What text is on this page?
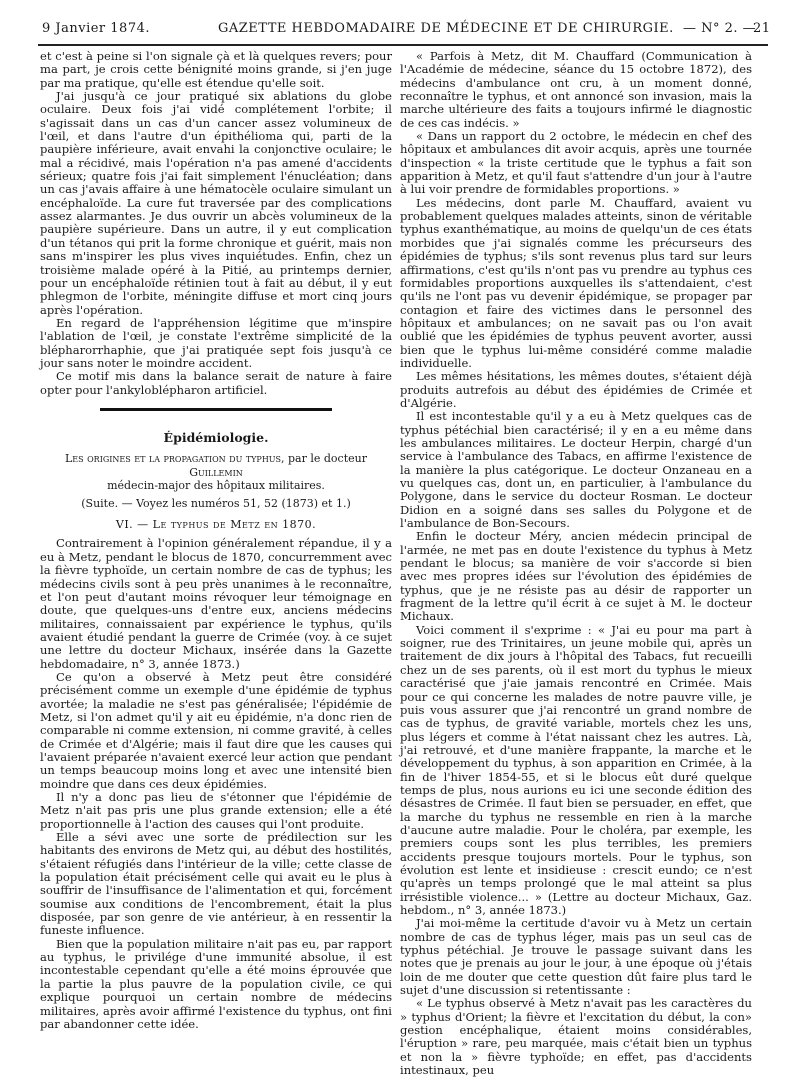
9 Janvier 1874.	GAZETTE HEBDOMADAIRE DE MÉDECINE ET DE CHIRURGIE. — N° 2. —
21

et c'est à peine si l'on signale çà et là quelques revers; pour ma part, je crois cette bénignité moins grande, si j'en juge par ma pratique, qu'elle est étendue qu'elle soit.

J'ai jusqu'à ce jour pratiqué six ablations du globe oculaire. Deux fois j'ai vidé complétement l'orbite; il s'agissait dans un cas d'un cancer assez volumineux de l'œil, et dans l'autre d'un épithélioma qui, parti de la paupière inférieure, avait envahi la conjonctive oculaire; le mal a récidivé, mais l'opération n'a pas amené d'accidents sérieux; quatre fois j'ai fait simplement l'énucléation; dans un cas j'avais affaire à une hématocèle oculaire simulant un encéphaloïde. La cure fut traversée par des complications assez alarmantes. Je dus ouvrir un abcès volumineux de la paupière supérieure. Dans un autre, il y eut complication d'un tétanos qui prit la forme chronique et guérit, mais non sans m'inspirer les plus vives inquiétudes. Enfin, chez un troisième malade opéré à la Pitié, au printemps dernier, pour un encéphaloïde rétinien tout à fait au début, il y eut phlegmon de l'orbite, méningite diffuse et mort cinq jours après l'opération.

En regard de l'appréhension légitime que m'inspire l'ablation de l'œil, je constate l'extrême simplicité de la blépharorrhaphie, que j'ai pratiquée sept fois jusqu'à ce jour sans noter le moindre accident.

Ce motif mis dans la balance serait de nature à faire opter pour l'ankyloblépharon artificiel.

Épidémiologie.
Les origines et la propagation du typhus, par le docteur Guillemin
médecin-major des hôpitaux militaires.
(Suite. — Voyez les numéros 51, 52 (1873) et 1.)
VI. — Le typhus de Metz en 1870.

Contrairement à l'opinion généralement répandue, il y a eu à Metz, pendant le blocus de 1870, concurremment avec la fièvre typhoïde, un certain nombre de cas de typhus; les médecins civils sont à peu près unanimes à le reconnaître, et l'on peut d'autant moins révoquer leur témoignage en doute, que quelques-uns d'entre eux, anciens médecins militaires, connaissaient par expérience le typhus, qu'ils avaient étudié pendant la guerre de Crimée (voy. à ce sujet une lettre du docteur Michaux, insérée dans la Gazette hebdomadaire, n° 3, année 1873.)

Ce qu'on a observé à Metz peut être considéré précisément comme un exemple d'une épidémie de typhus avortée; la maladie ne s'est pas généralisée; l'épidémie de Metz, si l'on admet qu'il y ait eu épidémie, n'a donc rien de comparable ni comme extension, ni comme gravité, à celles de Crimée et d'Algérie; mais il faut dire que les causes qui l'avaient préparée n'avaient exercé leur action que pendant un temps beaucoup moins long et avec une intensité bien moindre que dans ces deux épidémies.

Il n'y a donc pas lieu de s'étonner que l'épidémie de Metz n'ait pas pris une plus grande extension; elle a été proportionnelle à l'action des causes qui l'ont produite.

Elle a sévi avec une sorte de prédilection sur les habitants des environs de Metz qui, au début des hostilités, s'étaient réfugiés dans l'intérieur de la ville; cette classe de la population était précisément celle qui avait eu le plus à souffrir de l'insuffisance de l'alimentation et qui, forcément soumise aux conditions de l'encombrement, était la plus disposée, par son genre de vie antérieur, à en ressentir la funeste influence.

Bien que la population militaire n'ait pas eu, par rapport au typhus, le privilége d'une immunité absolue, il est incontestable cependant qu'elle a été moins éprouvée que la partie la plus pauvre de la population civile, ce qui explique pourquoi un certain nombre de médecins militaires, après avoir affirmé l'existence du typhus, ont fini par abandonner cette idée.

« Parfois à Metz, dit M. Chauffard (Communication à l'Académie de médecine, séance du 15 octobre 1872), des médecins d'ambulance ont cru, à un moment donné, reconnaître le typhus, et ont annoncé son invasion, mais la marche ultérieure des faits a toujours infirmé le diagnostic de ces cas indécis. »

« Dans un rapport du 2 octobre, le médecin en chef des hôpitaux et ambulances dit avoir acquis, après une tournée d'inspection « la triste certitude que le typhus a fait son apparition à Metz, et qu'il faut s'attendre d'un jour à l'autre à lui voir prendre de formidables proportions. »

Les médecins, dont parle M. Chauffard, avaient vu probablement quelques malades atteints, sinon de véritable typhus exanthématique, au moins de quelqu'un de ces états morbides que j'ai signalés comme les précurseurs des épidémies de typhus; s'ils sont revenus plus tard sur leurs affirmations, c'est qu'ils n'ont pas vu prendre au typhus ces formidables proportions auxquelles ils s'attendaient, c'est qu'ils ne l'ont pas vu devenir épidémique, se propager par contagion et faire des victimes dans le personnel des hôpitaux et ambulances; on ne savait pas ou l'on avait oublié que les épidémies de typhus peuvent avorter, aussi bien que le typhus lui-même considéré comme maladie individuelle.

Les mêmes hésitations, les mêmes doutes, s'étaient déjà produits autrefois au début des épidémies de Crimée et d'Algérie.

Il est incontestable qu'il y a eu à Metz quelques cas de typhus pétéchial bien caractérisé; il y en a eu même dans les ambulances militaires. Le docteur Herpin, chargé d'un service à l'ambulance des Tabacs, en affirme l'existence de la manière la plus catégorique. Le docteur Onzaneau en a vu quelques cas, dont un, en particulier, à l'ambulance du Polygone, dans le service du docteur Rosman. Le docteur Didion en a soigné dans ses salles du Polygone et de l'ambulance de Bon-Secours.

Enfin le docteur Méry, ancien médecin principal de l'armée, ne met pas en doute l'existence du typhus à Metz pendant le blocus; sa manière de voir s'accorde si bien avec mes propres idées sur l'évolution des épidémies de typhus, que je ne résiste pas au désir de rapporter un fragment de la lettre qu'il écrit à ce sujet à M. le docteur Michaux.

Voici comment il s'exprime : « J'ai eu pour ma part à soigner, rue des Trinitaires, un jeune mobile qui, après un traitement de dix jours à l'hôpital des Tabacs, fut recueilli chez un de ses parents, où il est mort du typhus le mieux caractérisé que j'aie jamais rencontré en Crimée. Mais pour ce qui concerne les malades de notre pauvre ville, je puis vous assurer que j'ai rencontré un grand nombre de cas de typhus, de gravité variable, mortels chez les uns, plus légers et comme à l'état naissant chez les autres. Là, j'ai retrouvé, et d'une manière frappante, la marche et le développement du typhus, à son apparition en Crimée, à la fin de l'hiver 1854-55, et si le blocus eût duré quelque temps de plus, nous aurions eu ici une seconde édition des désastres de Crimée. Il faut bien se persuader, en effet, que la marche du typhus ne ressemble en rien à la marche d'aucune autre maladie. Pour le choléra, par exemple, les premiers coups sont les plus terribles, les premiers accidents presque toujours mortels. Pour le typhus, son évolution est lente et insidieuse : crescit eundo; ce n'est qu'après un temps prolongé que le mal atteint sa plus irrésistible violence... » (Lettre au docteur Michaux, Gaz. hebdom., n° 3, année 1873.)

J'ai moi-même la certitude d'avoir vu à Metz un certain nombre de cas de typhus léger, mais pas un seul cas de typhus pétéchial. Je trouve le passage suivant dans les notes que je prenais au jour le jour, à une époque où j'étais loin de me douter que cette question dût faire plus tard le sujet d'une discussion si retentissante :

« Le typhus observé à Metz n'avait pas les caractères du » typhus d'Orient; la fièvre et l'excitation du début, la con» gestion encéphalique, étaient moins considérables, l'éruption » rare, peu marquée, mais c'était bien un typhus et non la » fièvre typhoïde; en effet, pas d'accidents intestinaux, peu
